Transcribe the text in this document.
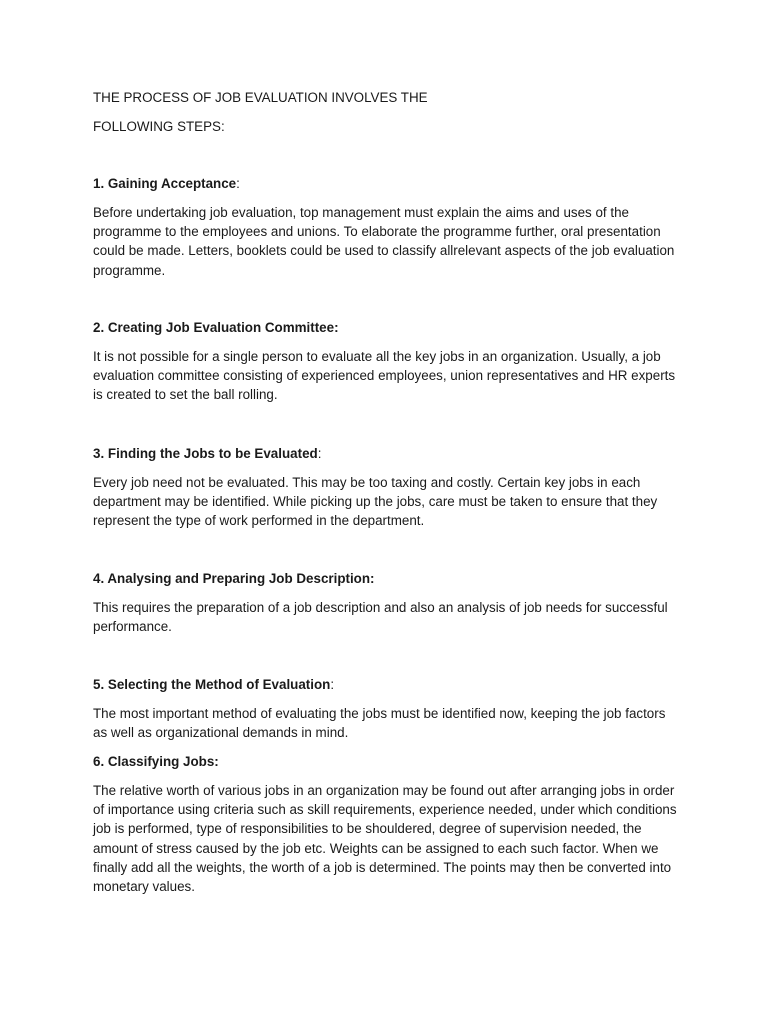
THE PROCESS OF JOB EVALUATION INVOLVES THE

FOLLOWING STEPS:

1. Gaining Acceptance:

Before undertaking job evaluation, top management must explain the aims and uses of the programme to the employees and unions. To elaborate the programme further, oral presentation could be made. Letters, booklets could be used to classify allrelevant aspects of the job evaluation programme.

2. Creating Job Evaluation Committee:

It is not possible for a single person to evaluate all the key jobs in an organization. Usually, a job evaluation committee consisting of experienced employees, union representatives and HR experts is created to set the ball rolling.

3. Finding the Jobs to be Evaluated:

Every job need not be evaluated. This may be too taxing and costly. Certain key jobs in each department may be identified. While picking up the jobs, care must be taken to ensure that they represent the type of work performed in the department.

4. Analysing and Preparing Job Description:

This requires the preparation of a job description and also an analysis of job needs for successful performance.

5. Selecting the Method of Evaluation:

The most important method of evaluating the jobs must be identified now, keeping the job factors as well as organizational demands in mind.

6. Classifying Jobs:

The relative worth of various jobs in an organization may be found out after arranging jobs in order of importance using criteria such as skill requirements, experience needed, under which conditions job is performed, type of responsibilities to be shouldered, degree of supervision needed, the amount of stress caused by the job etc. Weights can be assigned to each such factor. When we finally add all the weights, the worth of a job is determined. The points may then be converted into monetary values.
